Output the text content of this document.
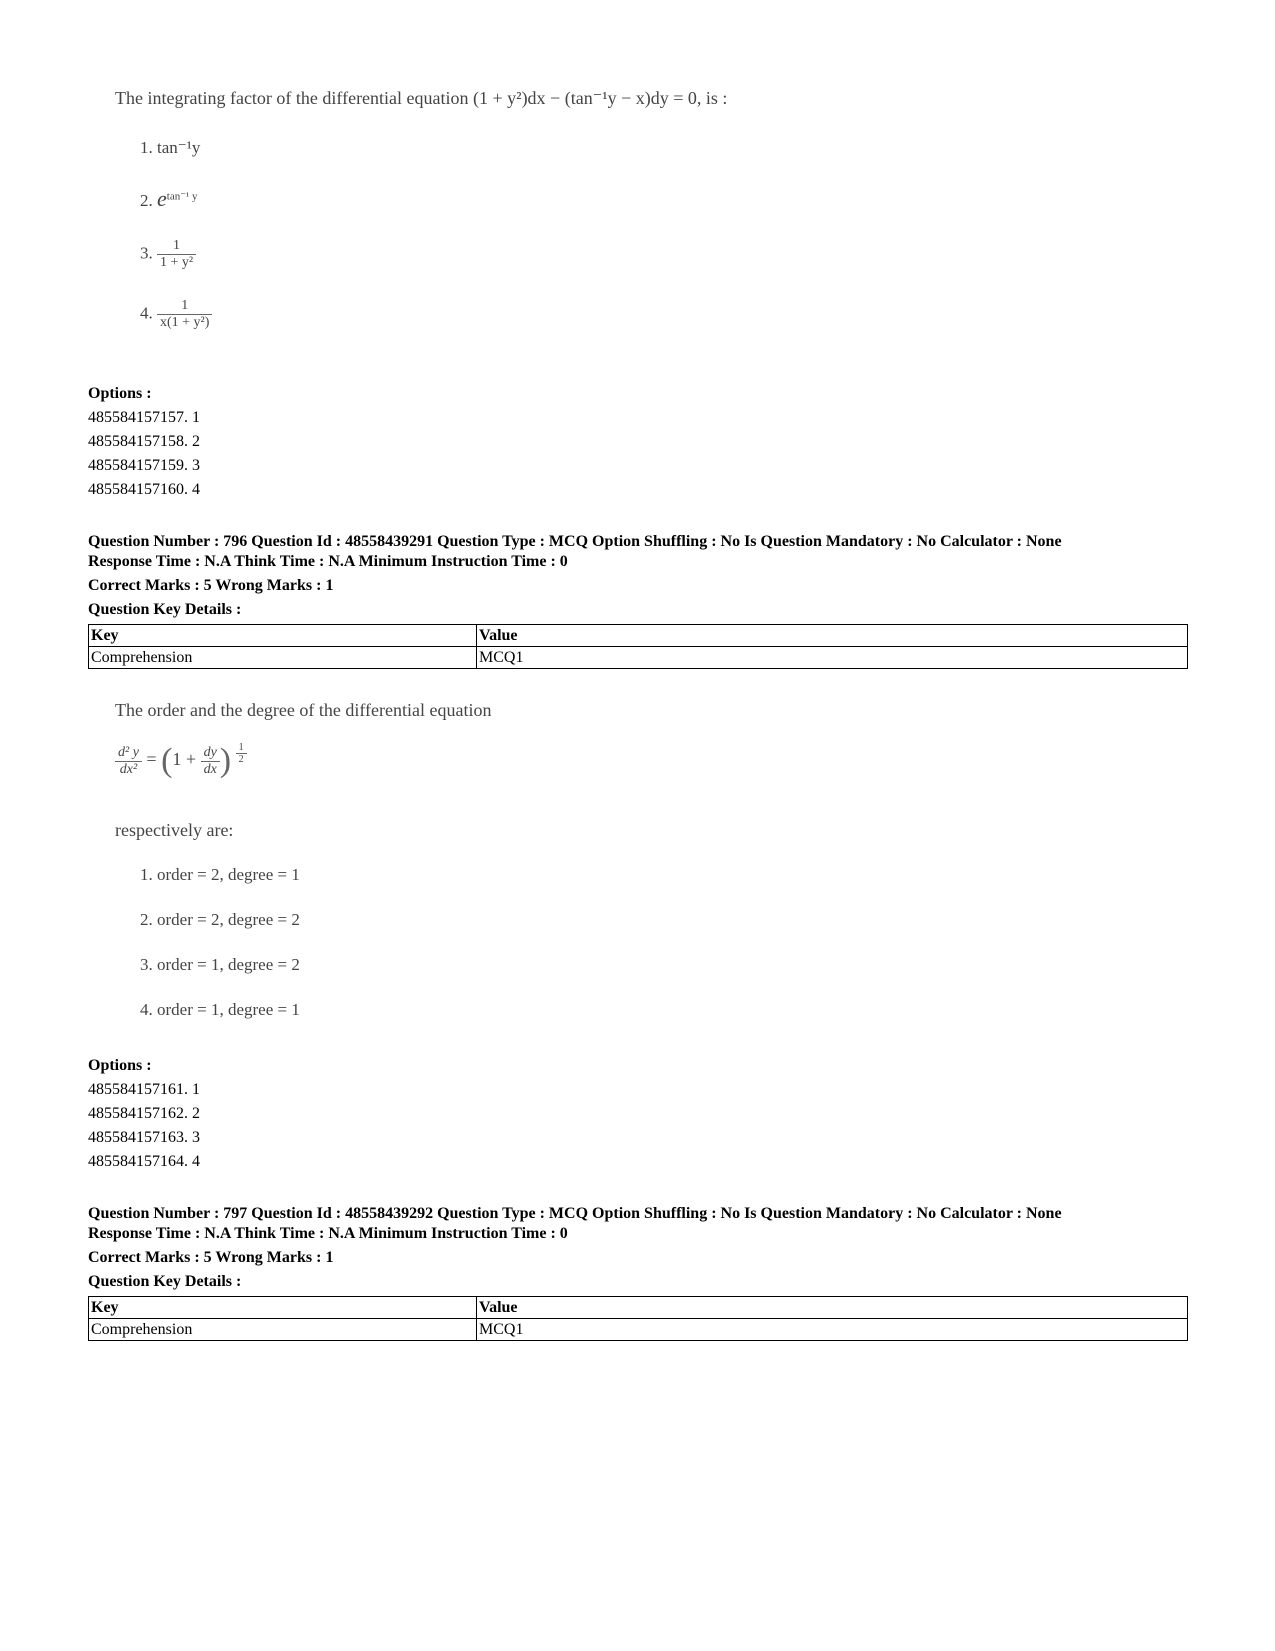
The integrating factor of the differential equation (1 + y²)dx − (tan⁻¹y − x)dy = 0, is :
1. tan⁻¹y
2. $e^{tan^{-1} y}$
3. $\frac{1}{\text{1 + y²}}$
4. $\frac{1}{\text{x(1 + y²)}}$
Options :
485584157157. 1
485584157158. 2
485584157159. 3
485584157160. 4
Question Number : 796 Question Id : 48558439291 Question Type : MCQ Option Shuffling : No Is Question Mandatory : No Calculator : None
Response Time : N.A Think Time : N.A Minimum Instruction Time : 0
Correct Marks : 5 Wrong Marks : 1
Question Key Details :
Key	Value
Comprehension	MCQ1
The order and the degree of the differential equation
$\frac{\text{d² y}}{\text{dx²}} = (1 + \frac{dy}{dx}$ ) $\frac{1}{2}$
respectively are:
1. order = 2, degree = 1
2. order = 2, degree = 2
3. order = 1, degree = 2
4. order = 1, degree = 1
Options :
485584157161. 1
485584157162. 2
485584157163. 3
485584157164. 4
Question Number : 797 Question Id : 48558439292 Question Type : MCQ Option Shuffling : No Is Question Mandatory : No Calculator : None
Response Time : N.A Think Time : N.A Minimum Instruction Time : 0
Correct Marks : 5 Wrong Marks : 1
Question Key Details :
Key	Value
Comprehension	MCQ1
